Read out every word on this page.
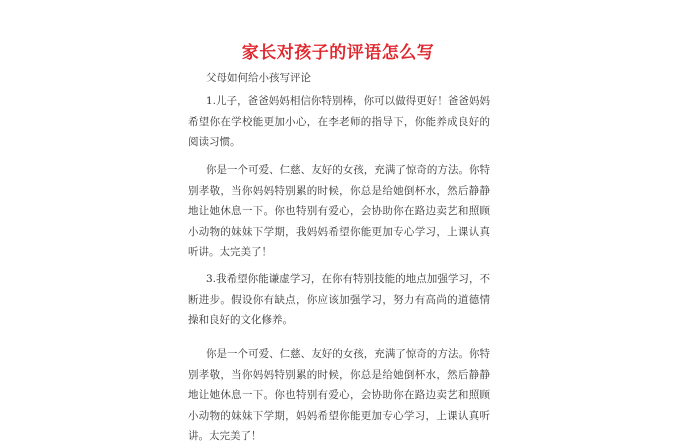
家长对孩子的评语怎么写

父母如何给小孩写评论

1.儿子，爸爸妈妈相信你特别棒，你可以做得更好！爸爸妈妈希望你在学校能更加小心，在李老师的指导下，你能养成良好的阅读习惯。

你是一个可爱、仁慈、友好的女孩，充满了惊奇的方法。你特别孝敬，当你妈妈特别累的时候，你总是给她倒杯水，然后静静地让她休息一下。你也特别有爱心，会协助你在路边卖艺和照顾小动物的妹妹下学期，我妈妈希望你能更加专心学习，上课认真听讲。太完美了！

3.我希望你能谦虚学习，在你有特别技能的地点加强学习，不断进步。假设你有缺点，你应该加强学习，努力有高尚的道德情操和良好的文化修养。

你是一个可爱、仁慈、友好的女孩，充满了惊奇的方法。你特别孝敬，当你妈妈特别累的时候，你总是给她倒杯水，然后静静地让她休息一下。你也特别有爱心，会协助你在路边卖艺和照顾小动物的妹妹下学期，妈妈希望你能更加专心学习，上课认真听讲。太完美了！
